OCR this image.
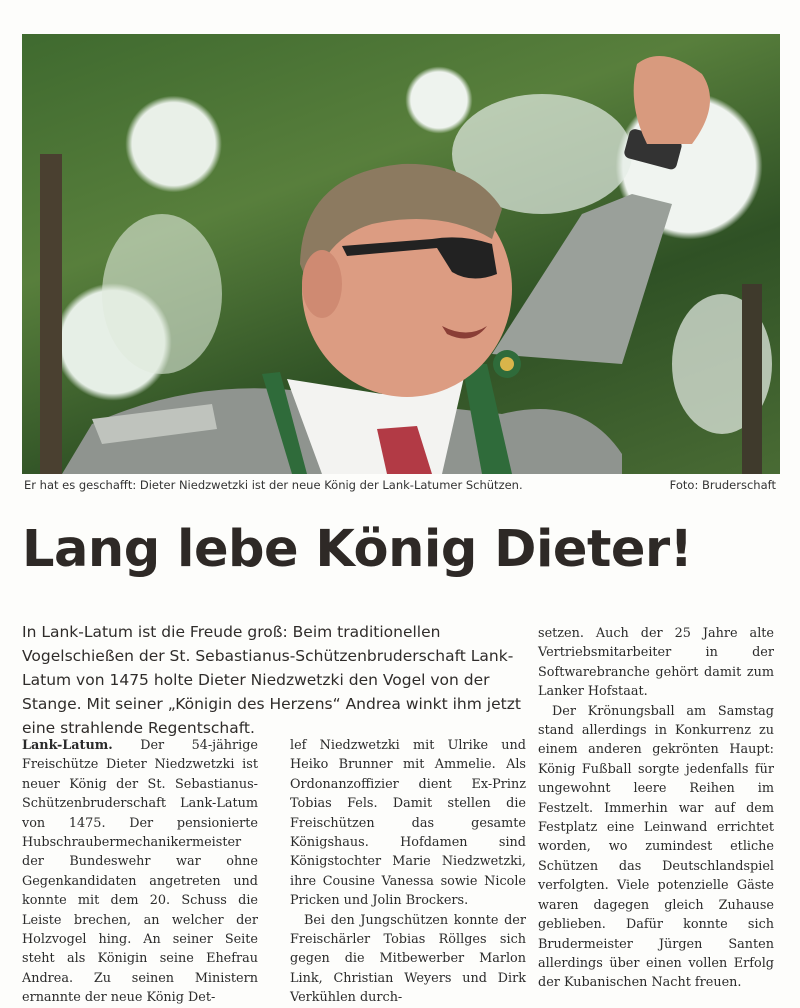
Er hat es geschafft: Dieter Niedzwetzki ist der neue König der Lank-Latumer Schützen.	Foto: Bruderschaft
Lang lebe König Dieter!
In Lank-Latum ist die Freude groß: Beim traditionellen Vogelschießen der St. Sebastianus-Schützenbruderschaft Lank-Latum von 1475 holte Dieter Niedzwetzki den Vogel von der Stange. Mit seiner „Königin des Herzens“ Andrea winkt ihm jetzt eine strahlende Regentschaft.

Lank-Latum. Der 54-jährige Freischütze Dieter Niedzwetzki ist neuer König der St. Sebastianus-Schützenbruderschaft Lank-Latum von 1475. Der pensionierte Hubschraubermechanikermeister der Bundeswehr war ohne Gegenkandidaten angetreten und konnte mit dem 20. Schuss die Leiste brechen, an welcher der Holzvogel hing. An seiner Seite steht als Königin seine Ehefrau Andrea. Zu seinen Ministern ernannte der neue König Det-

lef Niedzwetzki mit Ulrike und Heiko Brunner mit Ammelie. Als Ordonanzoffizier dient Ex-Prinz Tobias Fels. Damit stellen die Freischützen das gesamte Königshaus. Hofdamen sind Königstochter Marie Niedzwetzki, ihre Cousine Vanessa sowie Nicole Pricken und Jolin Brockers.

Bei den Jungschützen konnte der Freischärler Tobias Röllges sich gegen die Mitbewerber Marlon Link, Christian Weyers und Dirk Verkühlen durch-

setzen. Auch der 25 Jahre alte Vertriebsmitarbeiter in der Softwarebranche gehört damit zum Lanker Hofstaat.

Der Krönungsball am Samstag stand allerdings in Konkurrenz zu einem anderen gekrönten Haupt: König Fußball sorgte jedenfalls für ungewohnt leere Reihen im Festzelt. Immerhin war auf dem Festplatz eine Leinwand errichtet worden, wo zumindest etliche Schützen das Deutschlandspiel verfolgten. Viele potenzielle Gäste waren dagegen gleich Zuhause geblieben. Dafür konnte sich Brudermeister Jürgen Santen allerdings über einen vollen Erfolg der Kubanischen Nacht freuen.
